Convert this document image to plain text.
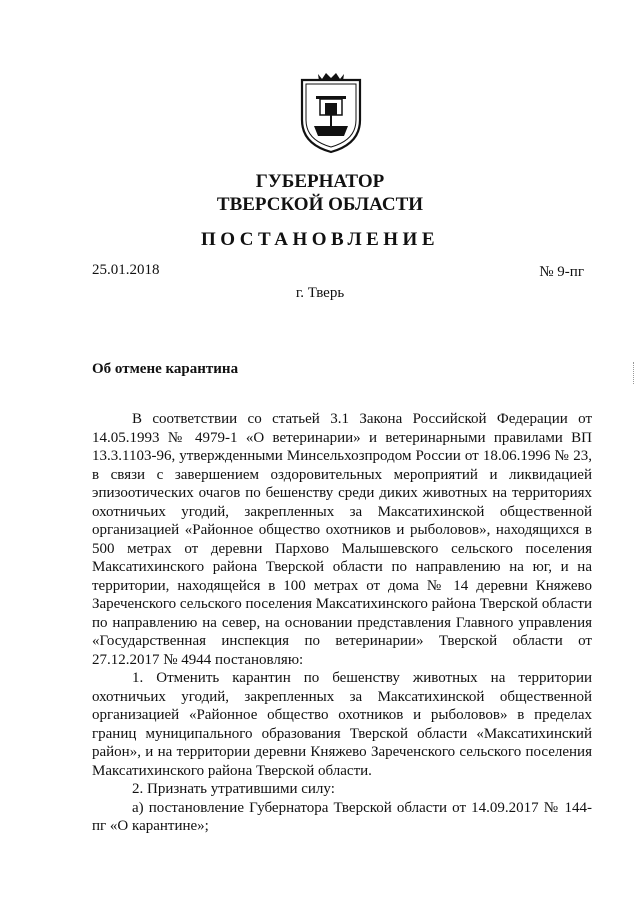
ГУБЕРНАТОР
ТВЕРСКОЙ ОБЛАСТИ
ПОСТАНОВЛЕНИЕ
25.01.2018	№ 9-пг
г. Тверь
Об отмене карантина

В соответствии со статьей 3.1 Закона Российской Федерации от 14.05.1993 № 4979-1 «О ветеринарии» и ветеринарными правилами ВП 13.3.1103-96, утвержденными Минсельхозпродом России от 18.06.1996 № 23, в связи с завершением оздоровительных мероприятий и ликвидацией эпизоотических очагов по бешенству среди диких животных на территориях охотничьих угодий, закрепленных за Максатихинской общественной организацией «Районное общество охотников и рыболовов», находящихся в 500 метрах от деревни Пархово Малышевского сельского поселения Максатихинского района Тверской области по направлению на юг, и на территории, находящейся в 100 метрах от дома № 14 деревни Княжево Зареченского сельского поселения Максатихинского района Тверской области по направлению на север, на основании представления Главного управления «Государственная инспекция по ветеринарии» Тверской области от 27.12.2017 № 4944 постановляю:

1. Отменить карантин по бешенству животных на территории охотничьих угодий, закрепленных за Максатихинской общественной организацией «Районное общество охотников и рыболовов» в пределах границ муниципального образования Тверской области «Максатихинский район», и на территории деревни Княжево Зареченского сельского поселения Максатихинского района Тверской области.

2. Признать утратившими силу:

а) постановление Губернатора Тверской области от 14.09.2017 № 144-пг «О карантине»;
